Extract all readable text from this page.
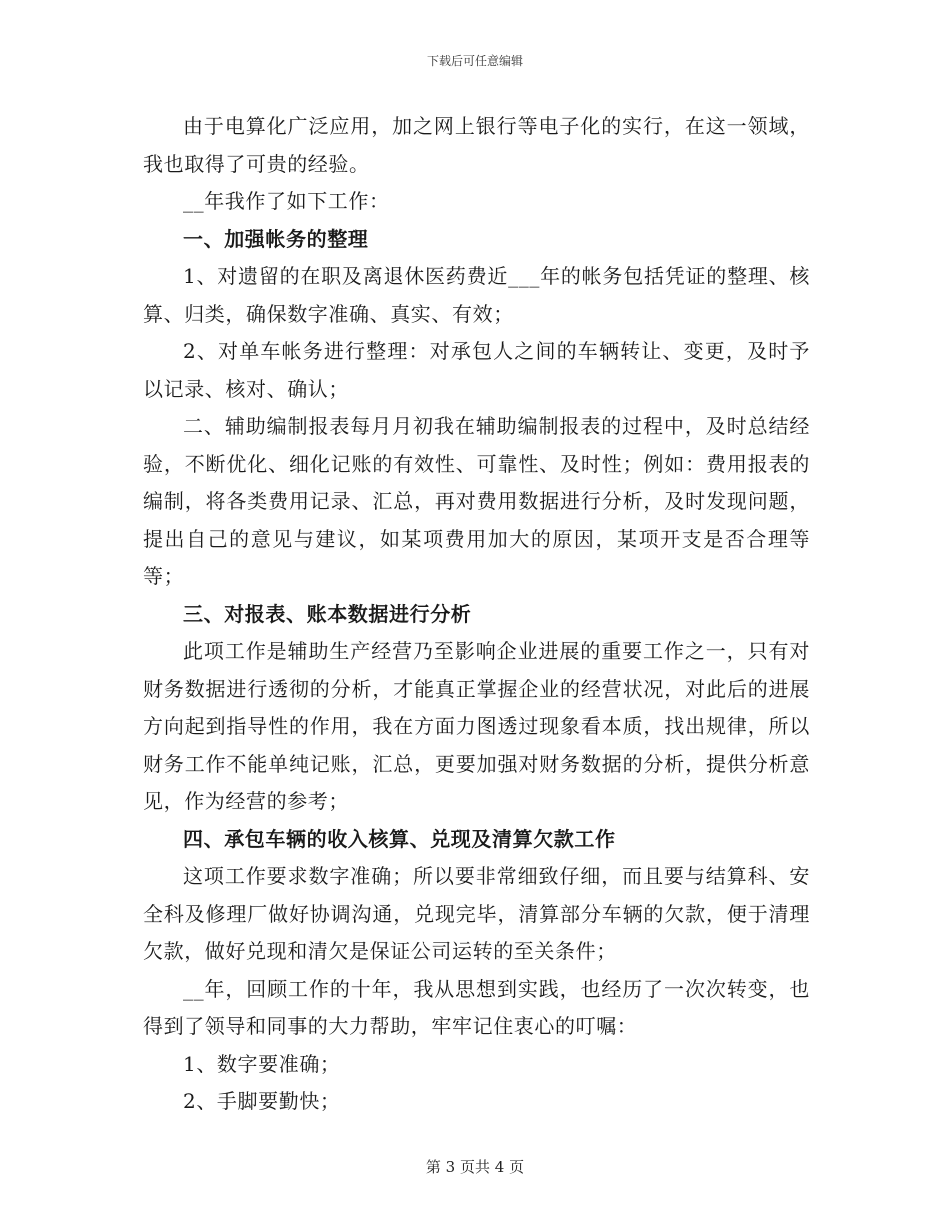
下载后可任意编辑

由于电算化广泛应用，加之网上银行等电子化的实行，在这一领域，我也取得了可贵的经验。

__年我作了如下工作：

一、加强帐务的整理

1、对遗留的在职及离退休医药费近___年的帐务包括凭证的整理、核算、归类，确保数字准确、真实、有效；

2、对单车帐务进行整理：对承包人之间的车辆转让、变更，及时予以记录、核对、确认；

二、辅助编制报表每月月初我在辅助编制报表的过程中，及时总结经验，不断优化、细化记账的有效性、可靠性、及时性；例如：费用报表的编制，将各类费用记录、汇总，再对费用数据进行分析，及时发现问题，提出自己的意见与建议，如某项费用加大的原因，某项开支是否合理等等；

三、对报表、账本数据进行分析

此项工作是辅助生产经营乃至影响企业进展的重要工作之一，只有对财务数据进行透彻的分析，才能真正掌握企业的经营状况，对此后的进展方向起到指导性的作用，我在方面力图透过现象看本质，找出规律，所以财务工作不能单纯记账，汇总，更要加强对财务数据的分析，提供分析意见，作为经营的参考；

四、承包车辆的收入核算、兑现及清算欠款工作

这项工作要求数字准确；所以要非常细致仔细，而且要与结算科、安全科及修理厂做好协调沟通，兑现完毕，清算部分车辆的欠款，便于清理欠款，做好兑现和清欠是保证公司运转的至关条件；

__年，回顾工作的十年，我从思想到实践，也经历了一次次转变，也得到了领导和同事的大力帮助，牢牢记住衷心的叮嘱：

1、数字要准确；

2、手脚要勤快；

第 3 页共 4 页
